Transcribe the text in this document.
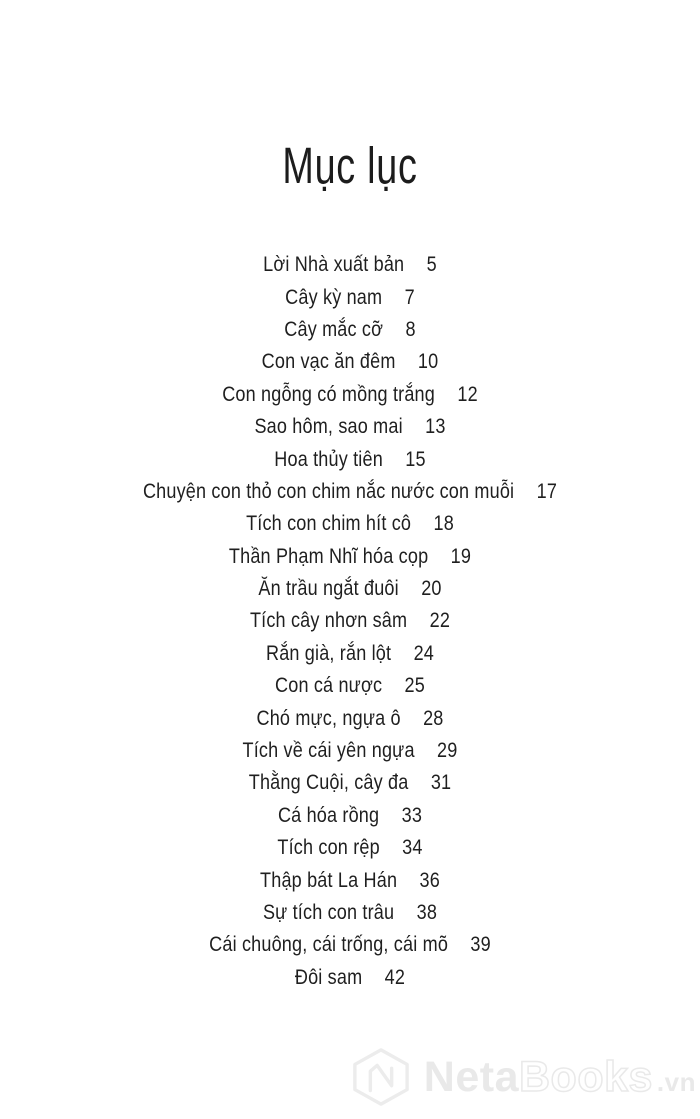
Mục lục
Lời Nhà xuất bản 5
Cây kỳ nam 7
Cây mắc cỡ 8
Con vạc ăn đêm 10
Con ngỗng có mồng trắng 12
Sao hôm, sao mai 13
Hoa thủy tiên 15
Chuyện con thỏ con chim nắc nước con muỗi 17
Tích con chim hít cô 18
Thần Phạm Nhĩ hóa cọp 19
Ăn trầu ngắt đuôi 20
Tích cây nhơn sâm 22
Rắn già, rắn lột 24
Con cá nược 25
Chó mực, ngựa ô 28
Tích về cái yên ngựa 29
Thằng Cuội, cây đa 31
Cá hóa rồng 33
Tích con rệp 34
Thập bát La Hán 36
Sự tích con trâu 38
Cái chuông, cái trống, cái mõ 39
Đôi sam 42
NetaBooks .vn
